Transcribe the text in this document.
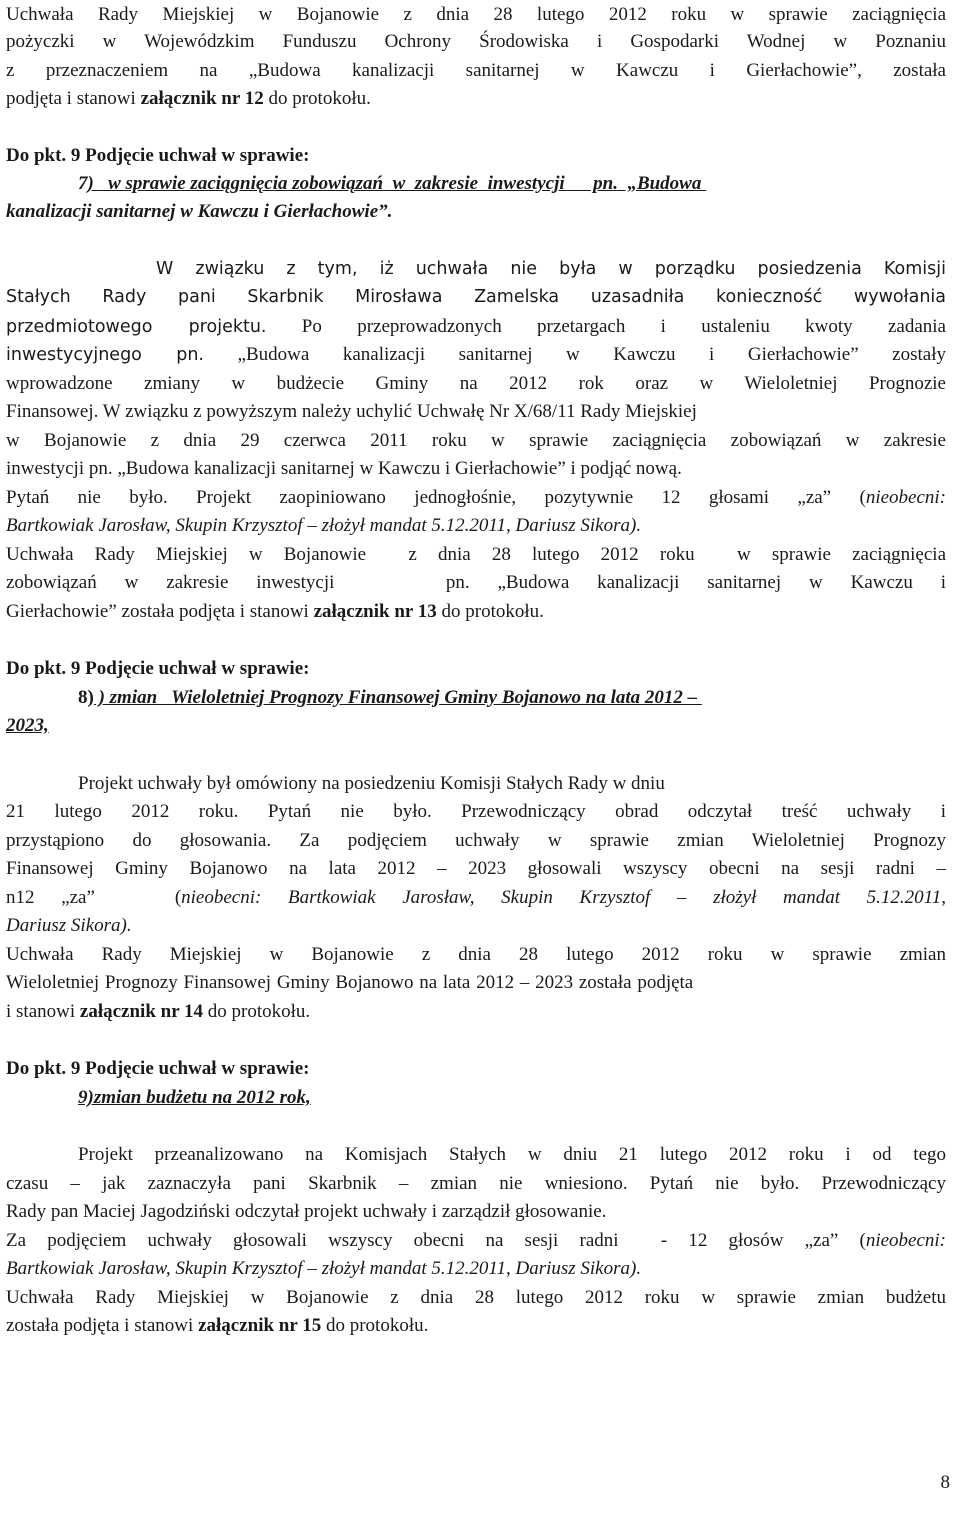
Uchwała Rady Miejskiej w Bojanowie z dnia 28 lutego 2012 roku w sprawie zaciągnięcia
pożyczki w Wojewódzkim Funduszu Ochrony Środowiska i Gospodarki Wodnej w Poznaniu
z przeznaczeniem na „Budowa kanalizacji sanitarnej w Kawczu i Gierłachowie”, została
podjęta i stanowi załącznik nr 12 do protokołu.
Do pkt. 9 Podjęcie uchwał w sprawie:
7)   w sprawie zaciągnięcia zobowiązań  w  zakresie  inwestycji      pn.  „Budowa
kanalizacji sanitarnej w Kawczu i Gierłachowie”.
W związku z tym, iż uchwała nie była w porządku posiedzenia Komisji
Stałych Rady pani Skarbnik Mirosława Zamelska uzasadniła konieczność wywołania
przedmiotowego projektu. Po przeprowadzonych przetargach i ustaleniu kwoty zadania
inwestycyjnego pn. „Budowa kanalizacji sanitarnej w Kawczu i Gierłachowie” zostały
wprowadzone zmiany w budżecie Gminy na 2012 rok oraz w Wieloletniej Prognozie
Finansowej. W związku z powyższym należy uchylić Uchwałę Nr X/68/11 Rady Miejskiej
w Bojanowie z dnia 29 czerwca 2011 roku w sprawie zaciągnięcia zobowiązań w zakresie
inwestycji pn. „Budowa kanalizacji sanitarnej w Kawczu i Gierłachowie” i podjąć nową.
Pytań nie było. Projekt zaopiniowano jednogłośnie, pozytywnie 12 głosami „za” (nieobecni:
Bartkowiak Jarosław, Skupin Krzysztof – złożył mandat 5.12.2011, Dariusz Sikora).
Uchwała Rady Miejskiej w Bojanowie  z dnia 28 lutego 2012 roku  w sprawie zaciągnięcia
zobowiązań w zakresie inwestycji    pn. „Budowa kanalizacji sanitarnej w Kawczu i
Gierłachowie” została podjęta i stanowi załącznik nr 13 do protokołu.
Do pkt. 9 Podjęcie uchwał w sprawie:
8) ) zmian   Wieloletniej Prognozy Finansowej Gminy Bojanowo na lata 2012 –
2023,
Projekt uchwały był omówiony na posiedzeniu Komisji Stałych Rady w dniu
21 lutego 2012 roku. Pytań nie było. Przewodniczący obrad odczytał treść uchwały i
przystąpiono do głosowania. Za podjęciem uchwały w sprawie zmian Wieloletniej Prognozy
Finansowej Gminy Bojanowo na lata 2012 – 2023 głosowali wszyscy obecni na sesji radni –
n12 „za”   (nieobecni: Bartkowiak Jarosław, Skupin Krzysztof – złożył mandat 5.12.2011,
Dariusz Sikora).
Uchwała Rady Miejskiej w Bojanowie z dnia 28 lutego 2012 roku w sprawie zmian
Wieloletniej Prognozy Finansowej Gminy Bojanowo na lata 2012 – 2023 została podjęta
i stanowi załącznik nr 14 do protokołu.
Do pkt. 9 Podjęcie uchwał w sprawie:
9)zmian budżetu na 2012 rok,
Projekt przeanalizowano na Komisjach Stałych w dniu 21 lutego 2012 roku i od tego
czasu – jak zaznaczyła pani Skarbnik – zmian nie wniesiono. Pytań nie było. Przewodniczący
Rady pan Maciej Jagodziński odczytał projekt uchwały i zarządził głosowanie.
Za podjęciem uchwały głosowali wszyscy obecni na sesji radni  - 12 głosów „za” (nieobecni:
Bartkowiak Jarosław, Skupin Krzysztof – złożył mandat 5.12.2011, Dariusz Sikora).
Uchwała Rady Miejskiej w Bojanowie z dnia 28 lutego 2012 roku w sprawie zmian budżetu
została podjęta i stanowi załącznik nr 15 do protokołu.
8
